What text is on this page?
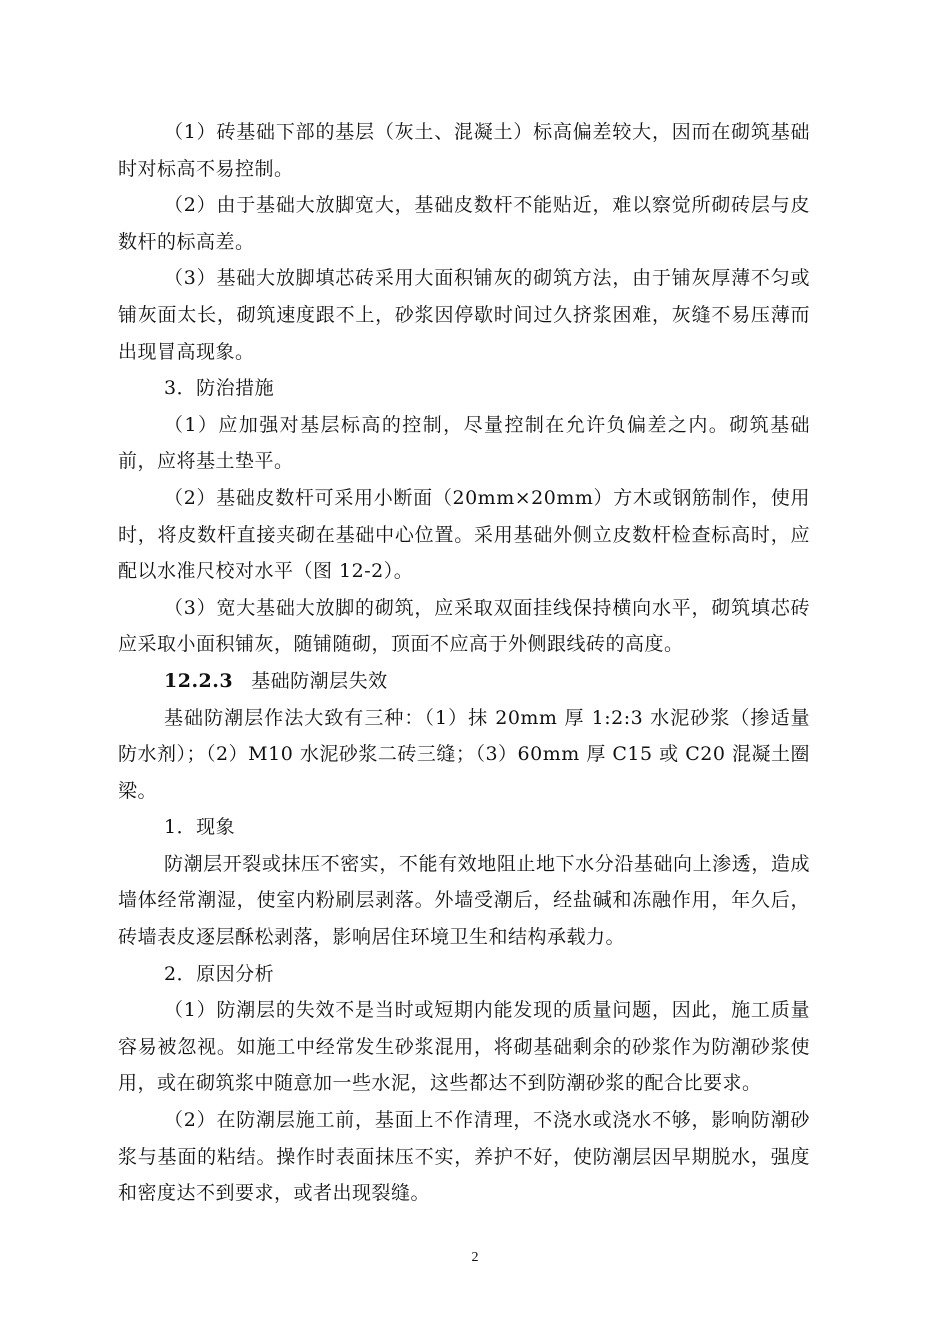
（1）砖基础下部的基层（灰土、混凝土）标高偏差较大，因而在砌筑基础时对标高不易控制。

（2）由于基础大放脚宽大，基础皮数杆不能贴近，难以察觉所砌砖层与皮数杆的标高差。

（3）基础大放脚填芯砖采用大面积铺灰的砌筑方法，由于铺灰厚薄不匀或铺灰面太长，砌筑速度跟不上，砂浆因停歇时间过久挤浆困难，灰缝不易压薄而出现冒高现象。

3．防治措施

（1）应加强对基层标高的控制，尽量控制在允许负偏差之内。砌筑基础前，应将基土垫平。

（2）基础皮数杆可采用小断面（20mm×20mm）方木或钢筋制作，使用时，将皮数杆直接夹砌在基础中心位置。采用基础外侧立皮数杆检查标高时，应配以水准尺校对水平（图 12-2）。

（3）宽大基础大放脚的砌筑，应采取双面挂线保持横向水平，砌筑填芯砖应采取小面积铺灰，随铺随砌，顶面不应高于外侧跟线砖的高度。

12.2.3 基础防潮层失效

基础防潮层作法大致有三种：（1）抹 20mm 厚 1:2:3 水泥砂浆（掺适量防水剂）；（2）M10 水泥砂浆二砖三缝；（3）60mm 厚 C15 或 C20 混凝土圈梁。

1．现象

防潮层开裂或抹压不密实，不能有效地阻止地下水分沿基础向上渗透，造成墙体经常潮湿，使室内粉刷层剥落。外墙受潮后，经盐碱和冻融作用，年久后，砖墙表皮逐层酥松剥落，影响居住环境卫生和结构承载力。

2．原因分析

（1）防潮层的失效不是当时或短期内能发现的质量问题，因此，施工质量容易被忽视。如施工中经常发生砂浆混用，将砌基础剩余的砂浆作为防潮砂浆使用，或在砌筑浆中随意加一些水泥，这些都达不到防潮砂浆的配合比要求。

（2）在防潮层施工前，基面上不作清理，不浇水或浇水不够，影响防潮砂浆与基面的粘结。操作时表面抹压不实，养护不好，使防潮层因早期脱水，强度和密度达不到要求，或者出现裂缝。

2
